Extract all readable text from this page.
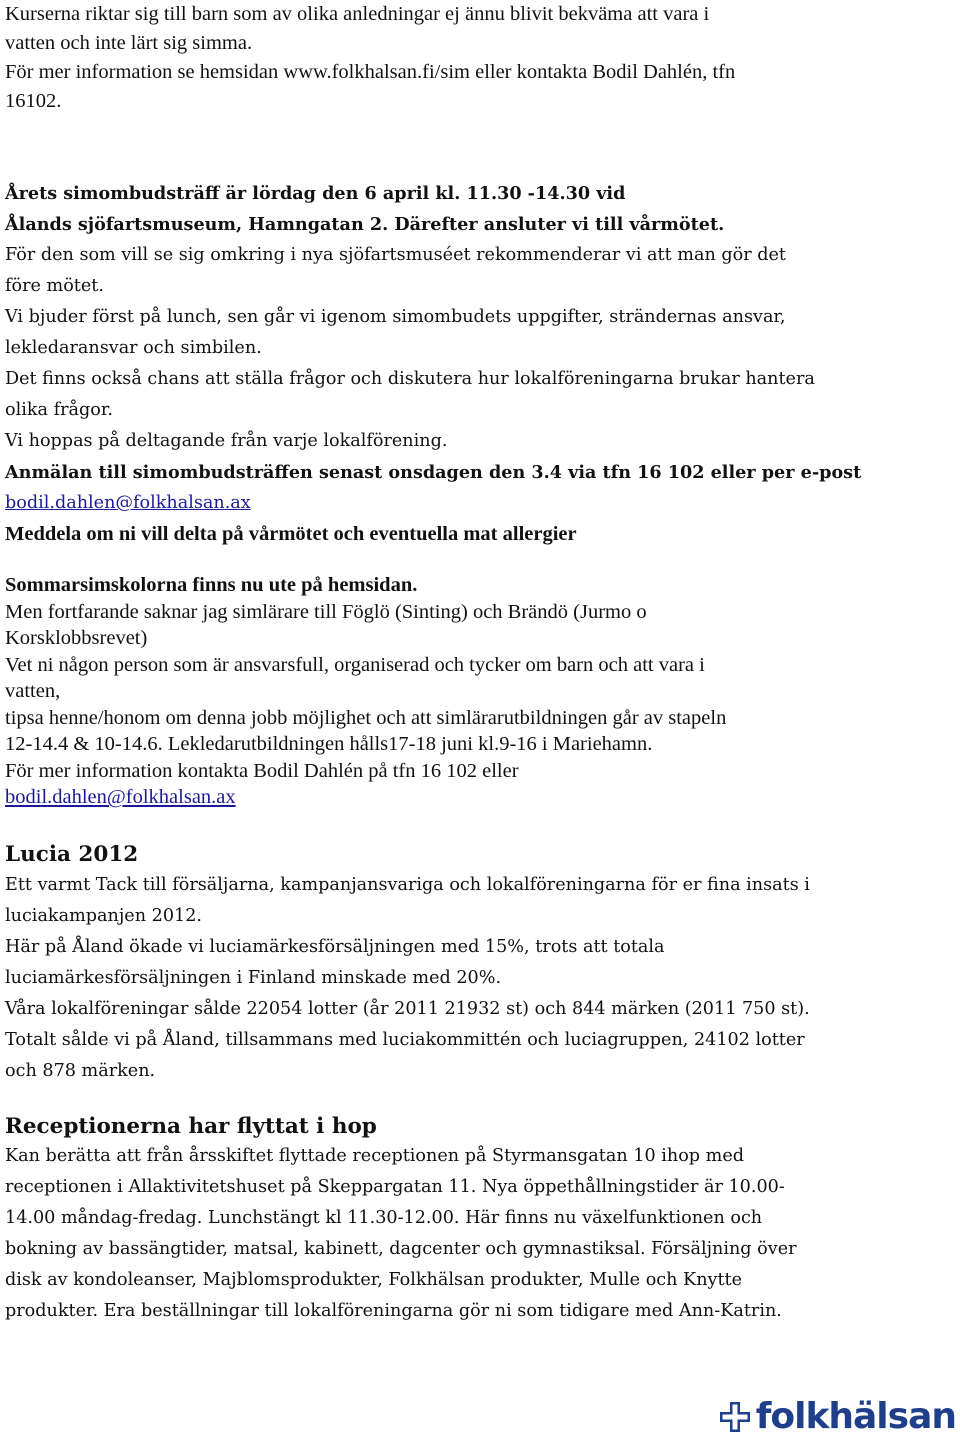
Kurserna riktar sig till barn som av olika anledningar ej ännu blivit bekväma att vara i
vatten och inte lärt sig simma.
För mer information se hemsidan www.folkhalsan.fi/sim eller kontakta Bodil Dahlén, tfn
16102.
Årets simombudsträff är lördag den 6 april kl. 11.30 -14.30 vid
Ålands sjöfartsmuseum, Hamngatan 2. Därefter ansluter vi till vårmötet.
För den som vill se sig omkring i nya sjöfartsmuséet rekommenderar vi att man gör det
före mötet.
Vi bjuder först på lunch, sen går vi igenom simombudets uppgifter, strändernas ansvar,
lekledaransvar och simbilen.
Det finns också chans att ställa frågor och diskutera hur lokalföreningarna brukar hantera
olika frågor.
Vi hoppas på deltagande från varje lokalförening.
Anmälan till simombudsträffen senast onsdagen den 3.4 via tfn 16 102 eller per e-post
bodil.dahlen@folkhalsan.ax
Meddela om ni vill delta på vårmötet och eventuella mat allergier
Sommarsimskolorna finns nu ute på hemsidan.
Men fortfarande saknar jag simlärare till Föglö (Sinting) och Brändö (Jurmo o
Korsklobbsrevet)
Vet ni någon person som är ansvarsfull, organiserad och tycker om barn och att vara i
vatten,
tipsa henne/honom om denna jobb möjlighet och att simlärarutbildningen går av stapeln
12-14.4 & 10-14.6. Lekledarutbildningen hålls17-18 juni kl.9-16 i Mariehamn.
För mer information kontakta Bodil Dahlén på tfn 16 102 eller
bodil.dahlen@folkhalsan.ax
Lucia 2012
Ett varmt Tack till försäljarna, kampanjansvariga och lokalföreningarna för er fina insats i
luciakampanjen 2012.
Här på Åland ökade vi luciamärkesförsäljningen med 15%, trots att totala
luciamärkesförsäljningen i Finland minskade med 20%.
Våra lokalföreningar sålde 22054 lotter (år 2011 21932 st) och 844 märken (2011 750 st).
Totalt sålde vi på Åland, tillsammans med luciakommittén och luciagruppen, 24102 lotter
och 878 märken.
Receptionerna har flyttat i hop
Kan berätta att från årsskiftet flyttade receptionen på Styrmansgatan 10 ihop med
receptionen i Allaktivitetshuset på Skeppargatan 11. Nya öppethållningstider är 10.00-
14.00 måndag-fredag. Lunchstängt kl 11.30-12.00. Här finns nu växelfunktionen och
bokning av bassängtider, matsal, kabinett, dagcenter och gymnastiksal. Försäljning över
disk av kondoleanser, Majblomsprodukter, Folkhälsan produkter, Mulle och Knytte
produkter. Era beställningar till lokalföreningarna gör ni som tidigare med Ann-Katrin.
folkhälsan
